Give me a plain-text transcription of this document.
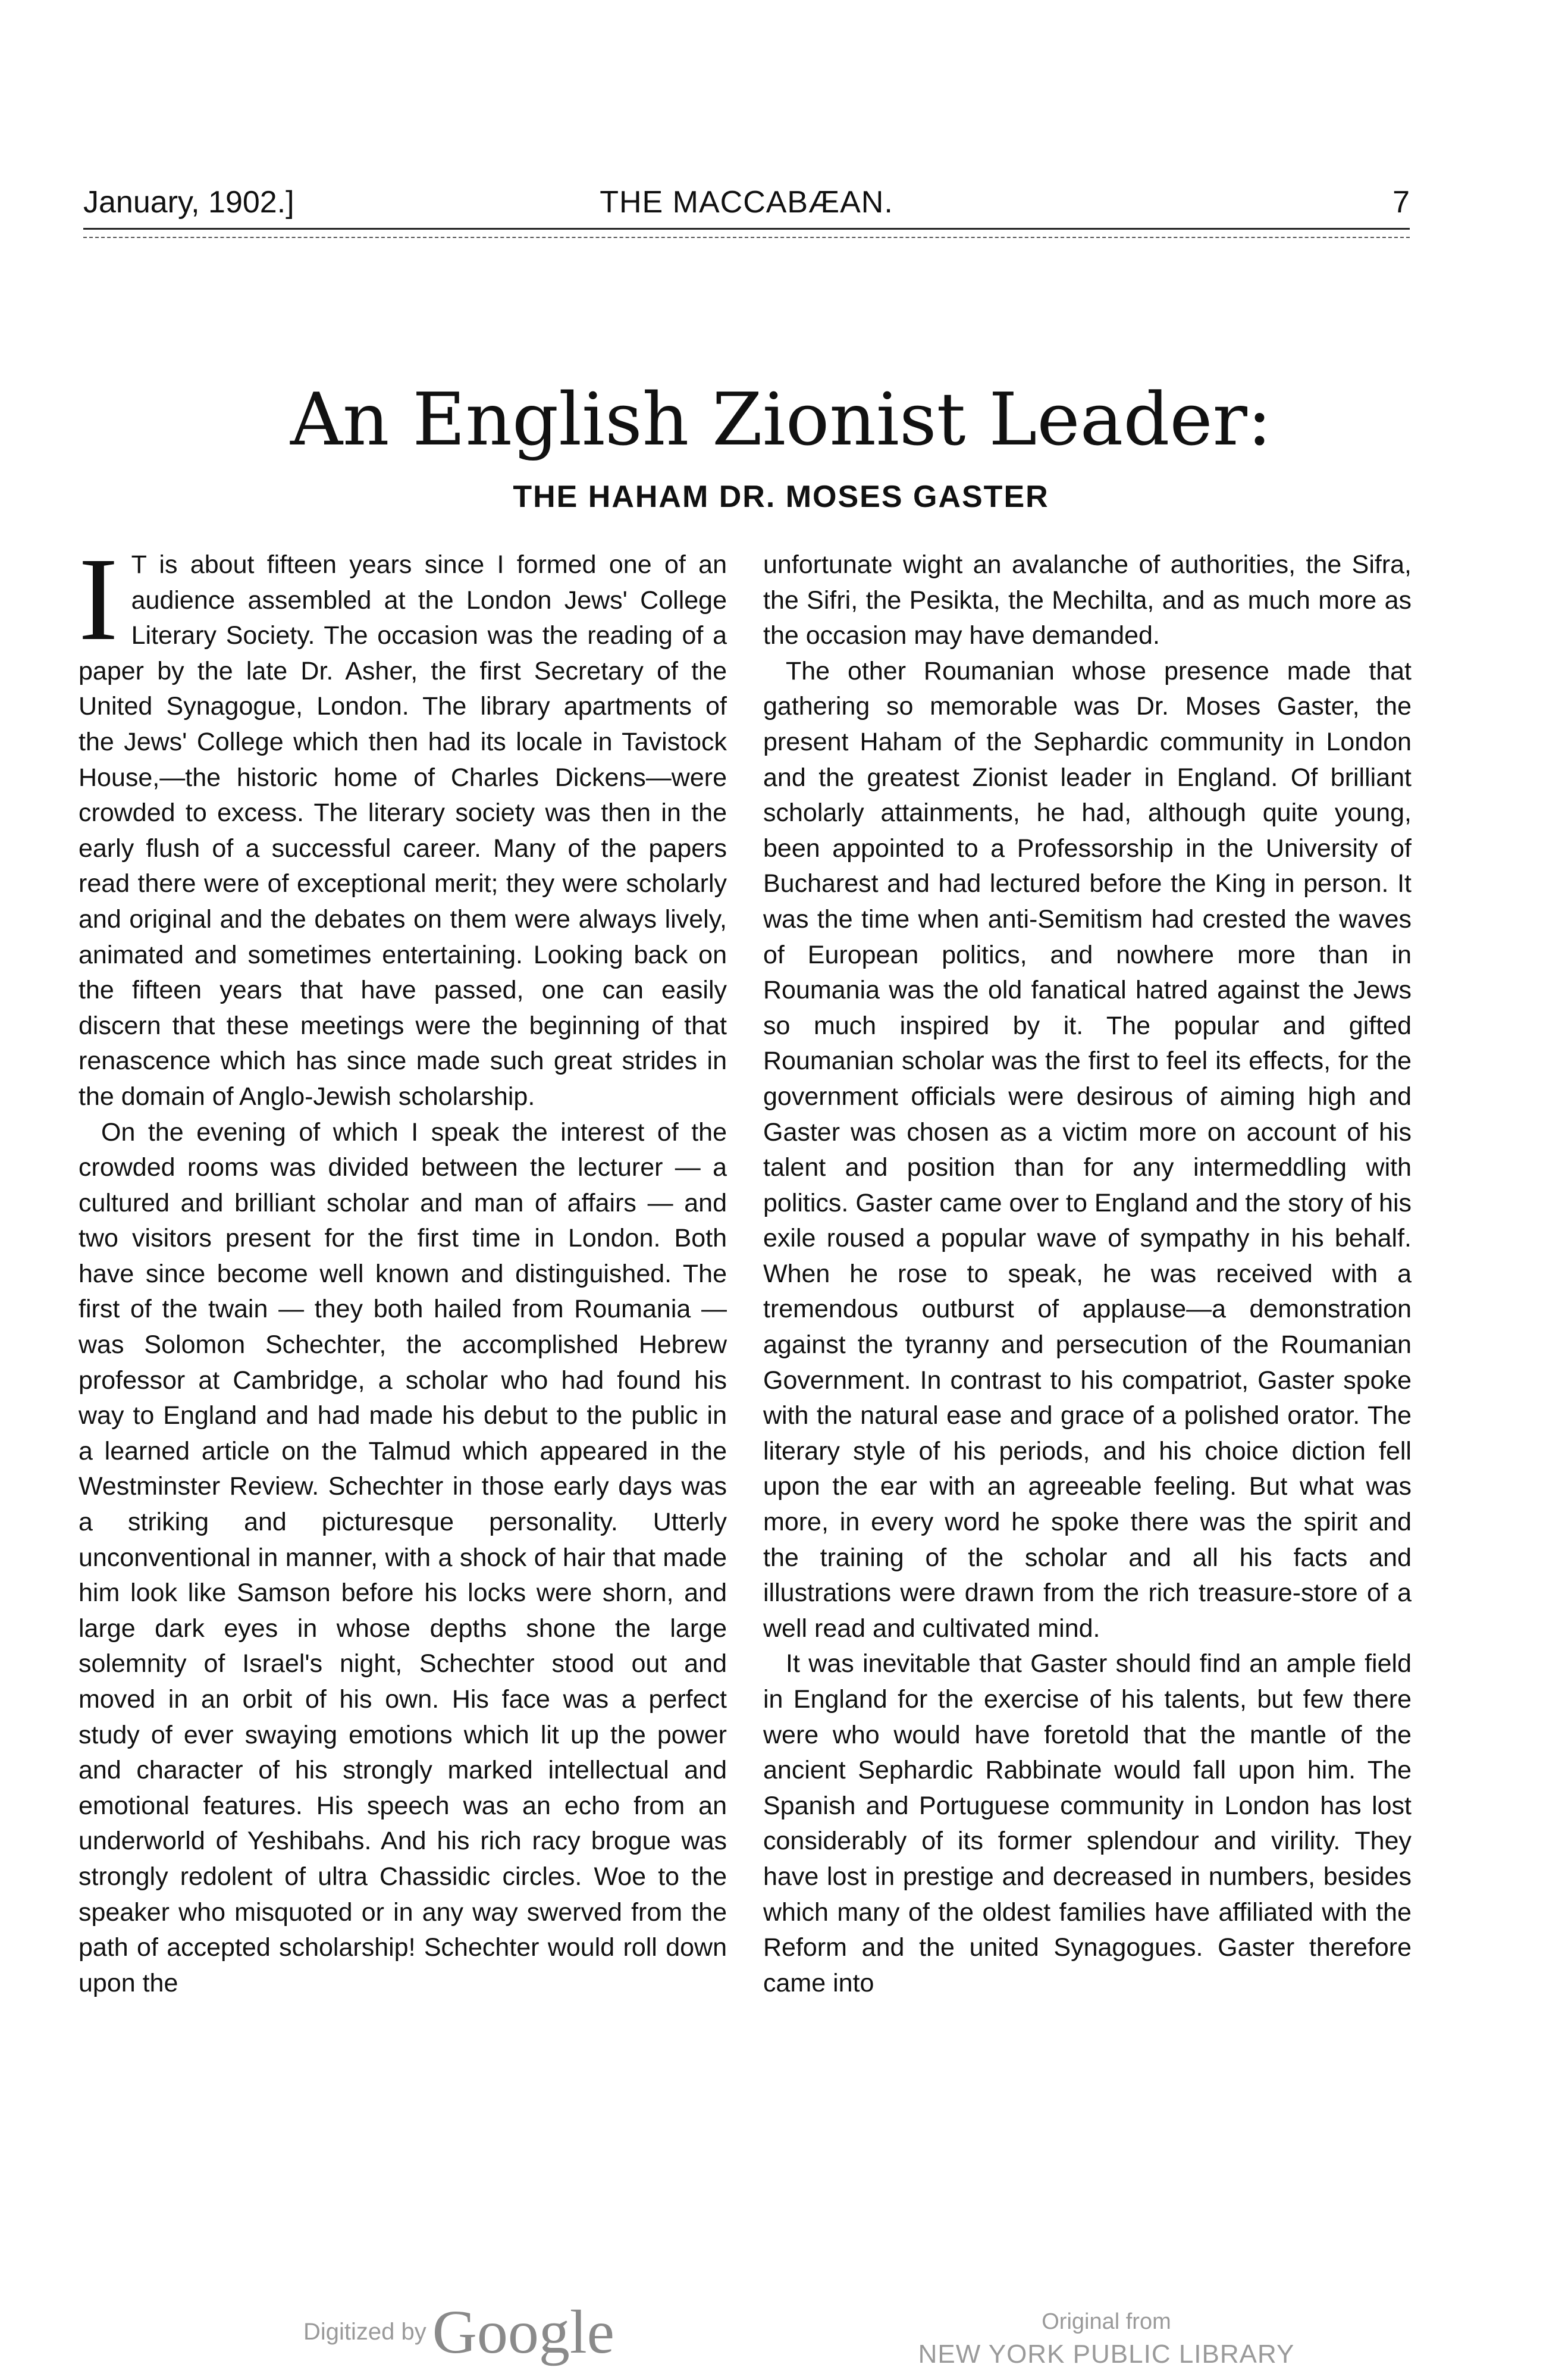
January, 1902.]	THE MACCABÆAN.	7
An English Zionist Leader:
THE HAHAM DR. MOSES GASTER

I T is about fifteen years since I formed one of an audience assembled at the London Jews' College Literary Society. The occasion was the reading of a paper by the late Dr. Asher, the first Secretary of the United Synagogue, London. The library apartments of the Jews' College which then had its locale in Tavistock House,—the historic home of Charles Dickens—were crowded to excess. The literary society was then in the early flush of a successful career. Many of the papers read there were of exceptional merit; they were scholarly and original and the debates on them were always lively, animated and sometimes entertaining. Looking back on the fifteen years that have passed, one can easily discern that these meetings were the beginning of that renascence which has since made such great strides in the domain of Anglo-Jewish scholarship.

On the evening of which I speak the interest of the crowded rooms was divided between the lecturer — a cultured and brilliant scholar and man of affairs — and two visitors present for the first time in London. Both have since become well known and distinguished. The first of the twain — they both hailed from Roumania — was Solomon Schechter, the accomplished Hebrew professor at Cambridge, a scholar who had found his way to England and had made his debut to the public in a learned article on the Talmud which appeared in the Westminster Review. Schechter in those early days was a striking and picturesque personality. Utterly unconventional in manner, with a shock of hair that made him look like Samson before his locks were shorn, and large dark eyes in whose depths shone the large solemnity of Israel's night, Schechter stood out and moved in an orbit of his own. His face was a perfect study of ever swaying emotions which lit up the power and character of his strongly marked intellectual and emotional features. His speech was an echo from an underworld of Yeshibahs. And his rich racy brogue was strongly redolent of ultra Chassidic circles. Woe to the speaker who misquoted or in any way swerved from the path of accepted scholarship! Schechter would roll down upon the

unfortunate wight an avalanche of authorities, the Sifra, the Sifri, the Pesikta, the Mechilta, and as much more as the occasion may have demanded.

The other Roumanian whose presence made that gathering so memorable was Dr. Moses Gaster, the present Haham of the Sephardic community in London and the greatest Zionist leader in England. Of brilliant scholarly attainments, he had, although quite young, been appointed to a Professorship in the University of Bucharest and had lectured before the King in person. It was the time when anti-Semitism had crested the waves of European politics, and nowhere more than in Roumania was the old fanatical hatred against the Jews so much inspired by it. The popular and gifted Roumanian scholar was the first to feel its effects, for the government officials were desirous of aiming high and Gaster was chosen as a victim more on account of his talent and position than for any intermeddling with politics. Gaster came over to England and the story of his exile roused a popular wave of sympathy in his behalf. When he rose to speak, he was received with a tremendous outburst of applause—a demonstration against the tyranny and persecution of the Roumanian Government. In contrast to his compatriot, Gaster spoke with the natural ease and grace of a polished orator. The literary style of his periods, and his choice diction fell upon the ear with an agreeable feeling. But what was more, in every word he spoke there was the spirit and the training of the scholar and all his facts and illustrations were drawn from the rich treasure-store of a well read and cultivated mind.

It was inevitable that Gaster should find an ample field in England for the exercise of his talents, but few there were who would have foretold that the mantle of the ancient Sephardic Rabbinate would fall upon him. The Spanish and Portuguese community in London has lost considerably of its former splendour and virility. They have lost in prestige and decreased in numbers, besides which many of the oldest families have affiliated with the Reform and the united Synagogues. Gaster therefore came into

Digitized byGoogle	Original from
NEW YORK PUBLIC LIBRARY
